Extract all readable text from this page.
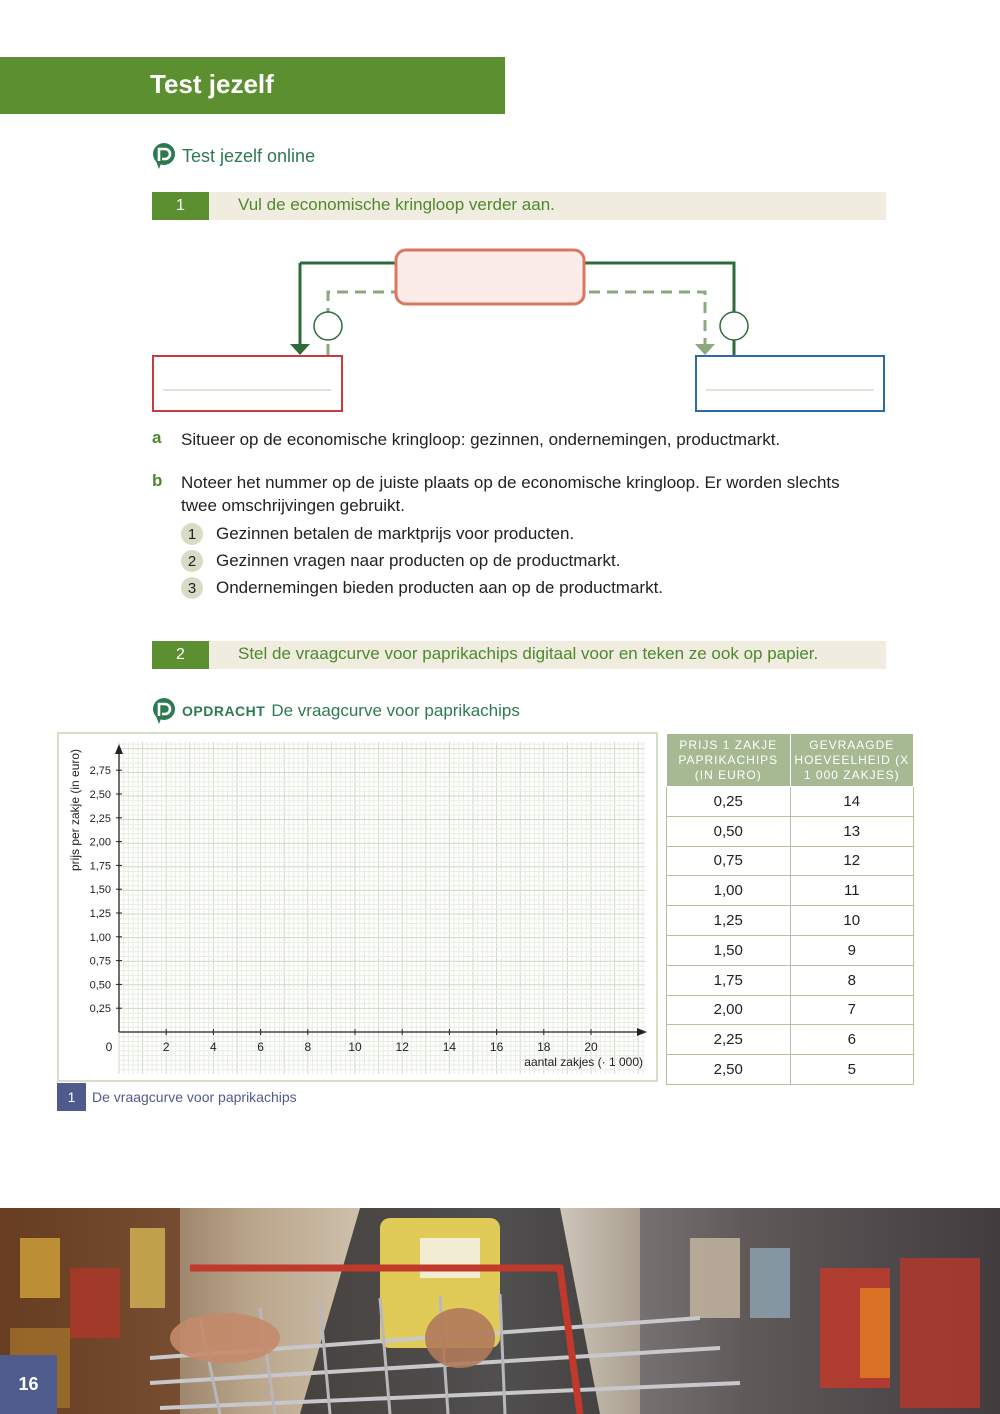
Test jezelf
Test jezelf online
1	Vul de economische kringloop verder aan.
a Situeer op de economische kringloop: gezinnen, ondernemingen, productmarkt.
b Noteer het nummer op de juiste plaats op de economische kringloop. Er worden slechts twee omschrijvingen gebruikt.
1	Gezinnen betalen de marktprijs voor producten.
2	Gezinnen vragen naar producten op de productmarkt.
3	Ondernemingen bieden producten aan op de productmarkt.
2	Stel de vraagcurve voor paprikachips digitaal voor en teken ze ook op papier.
OPDRACHT De vraagcurve voor paprikachips
2	4	6	8	10	12	14	16	18	20
0,25
0,50
0,75
1,00
1,25
1,50
1,75
2,00
2,25
2,50
2,75
0
aantal zakjes (· 1 000)
prijs per zakje (in euro)
1	De vraagcurve voor paprikachips
PRIJS 1 ZAKJE PAPRIKACHIPS (IN EURO)	GEVRAAGDE HOEVEELHEID (X 1 000 ZAKJES)
0,25	14
0,50	13
0,75	12
1,00	11
1,25	10
1,50	9
1,75	8
2,00	7
2,25	6
2,50	5
16
